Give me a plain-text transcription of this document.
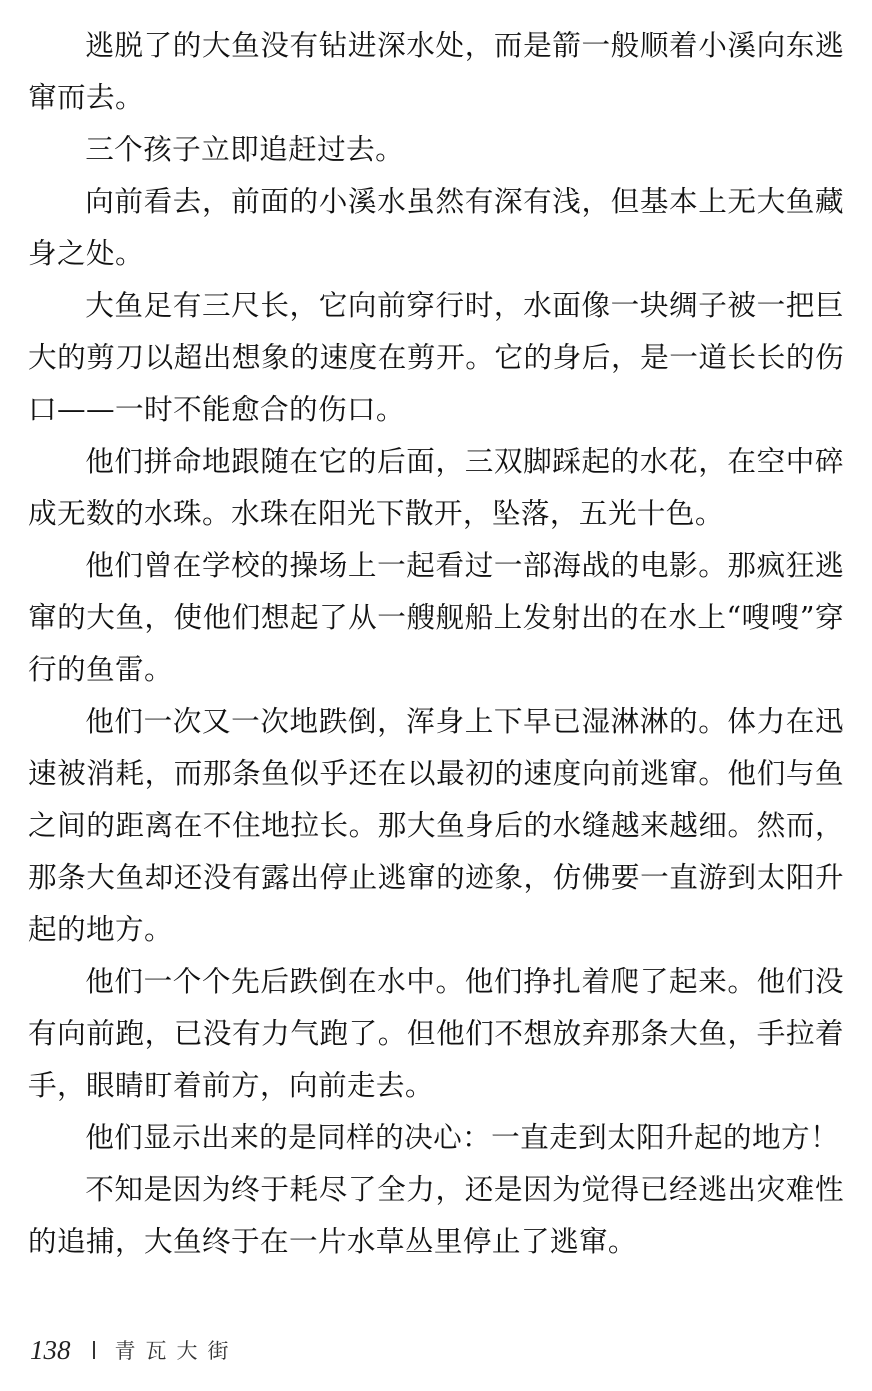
逃脱了的大鱼没有钻进深水处，而是箭一般顺着小溪向东逃窜而去。

三个孩子立即追赶过去。

向前看去，前面的小溪水虽然有深有浅，但基本上无大鱼藏身之处。

大鱼足有三尺长，它向前穿行时，水面像一块绸子被一把巨大的剪刀以超出想象的速度在剪开。它的身后，是一道长长的伤口——一时不能愈合的伤口。

他们拼命地跟随在它的后面，三双脚踩起的水花，在空中碎成无数的水珠。水珠在阳光下散开，坠落，五光十色。

他们曾在学校的操场上一起看过一部海战的电影。那疯狂逃窜的大鱼，使他们想起了从一艘舰船上发射出的在水上“嗖嗖”穿行的鱼雷。

他们一次又一次地跌倒，浑身上下早已湿淋淋的。体力在迅速被消耗，而那条鱼似乎还在以最初的速度向前逃窜。他们与鱼之间的距离在不住地拉长。那大鱼身后的水缝越来越细。然而，那条大鱼却还没有露出停止逃窜的迹象，仿佛要一直游到太阳升起的地方。

他们一个个先后跌倒在水中。他们挣扎着爬了起来。他们没有向前跑，已没有力气跑了。但他们不想放弃那条大鱼，手拉着手，眼睛盯着前方，向前走去。

他们显示出来的是同样的决心：一直走到太阳升起的地方！

不知是因为终于耗尽了全力，还是因为觉得已经逃出灾难性的追捕，大鱼终于在一片水草丛里停止了逃窜。

138 青瓦大街
